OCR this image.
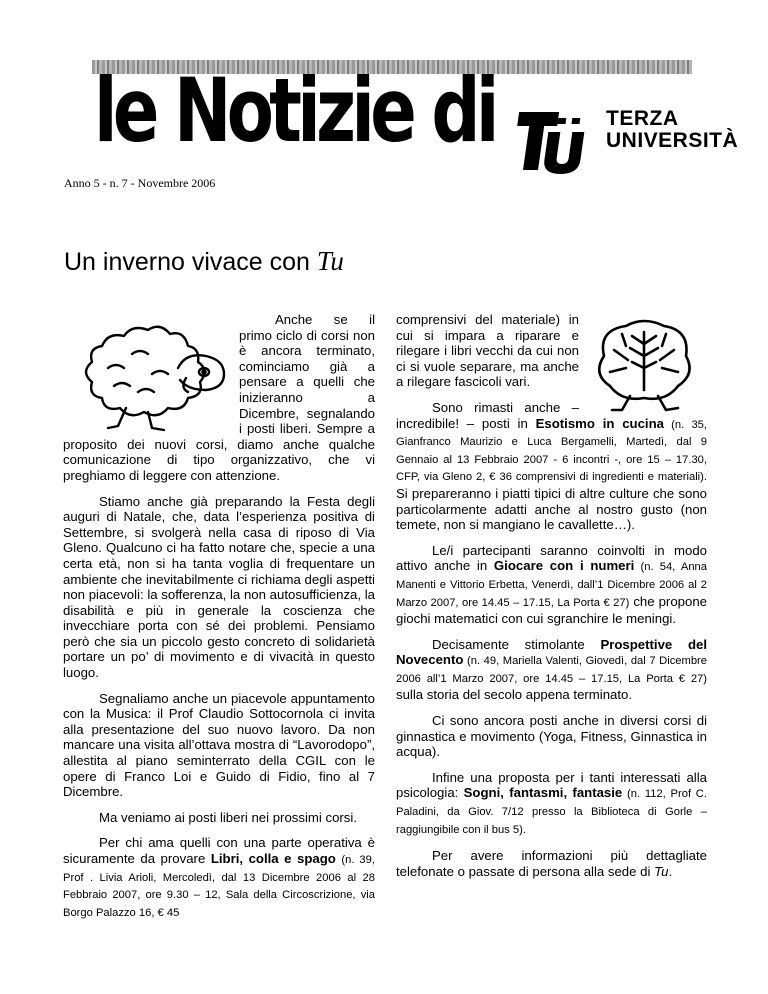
le Notizie di	TERZA
UNIVERSITÀ
Anno 5 - n. 7 - Novembre 2006
Un inverno vivace con Tu

Anche se il primo ciclo di corsi non è ancora terminato, cominciamo già a pensare a quelli che inizieranno a Dicembre, segnalando i posti liberi. Sempre a proposito dei nuovi corsi, diamo anche qualche comunicazione di tipo organizzativo, che vi preghiamo di leggere con attenzione.

Stiamo anche già preparando la Festa degli auguri di Natale, che, data l’esperienza positiva di Settembre, si svolgerà nella casa di riposo di Via Gleno. Qualcuno ci ha fatto notare che, specie a una certa età, non si ha tanta voglia di frequentare un ambiente che inevitabilmente ci richiama degli aspetti non piacevoli: la sofferenza, la non autosufficienza, la disabilità e più in generale la coscienza che invecchiare porta con sé dei problemi. Pensiamo però che sia un piccolo gesto concreto di solidarietà portare un po’ di movimento e di vivacità in questo luogo.

Segnaliamo anche un piacevole appuntamento con la Musica: il Prof Claudio Sottocornola ci invita alla presentazione del suo nuovo lavoro. Da non mancare una visita all’ottava mostra di “Lavorodopo”, allestita al piano seminterrato della CGIL con le opere di Franco Loi e Guido di Fidio, fino al 7 Dicembre.

Ma veniamo ai posti liberi nei prossimi corsi.

Per chi ama quelli con una parte operativa è sicuramente da provare Libri, colla e spago (n. 39, Prof . Livia Arioli, Mercoledì, dal 13 Dicembre 2006 al 28 Febbraio 2007, ore 9.30 – 12, Sala della Circoscrizione, via Borgo Palazzo 16, € 45

comprensivi del materiale) in cui si impara a riparare e rilegare i libri vecchi da cui non ci si vuole separare, ma anche a rilegare fascicoli vari.

Sono rimasti anche – incredibile! – posti in Esotismo in cucina (n. 35, Gianfranco Maurizio e Luca Bergamelli, Martedì, dal 9 Gennaio al 13 Febbraio 2007 - 6 incontri -, ore 15 – 17.30, CFP, via Gleno 2, € 36 comprensivi di ingredienti e materiali). Si prepareranno i piatti tipici di altre culture che sono particolarmente adatti anche al nostro gusto (non temete, non si mangiano le cavallette…).

Le/i partecipanti saranno coinvolti in modo attivo anche in Giocare con i numeri (n. 54, Anna Manenti e Vittorio Erbetta, Venerdì, dall’1 Dicembre 2006 al 2 Marzo 2007, ore 14.45 – 17.15, La Porta € 27) che propone giochi matematici con cui sgranchire le meningi.

Decisamente stimolante Prospettive del Novecento (n. 49, Mariella Valenti, Giovedì, dal 7 Dicembre 2006 all’1 Marzo 2007, ore 14.45 – 17.15, La Porta € 27) sulla storia del secolo appena terminato.

Ci sono ancora posti anche in diversi corsi di ginnastica e movimento (Yoga, Fitness, Ginnastica in acqua).

Infine una proposta per i tanti interessati alla psicologia: Sogni, fantasmi, fantasie (n. 112, Prof C. Paladini, da Giov. 7/12 presso la Biblioteca di Gorle – raggiungibile con il bus 5).

Per avere informazioni più dettagliate telefonate o passate di persona alla sede di Tu.
